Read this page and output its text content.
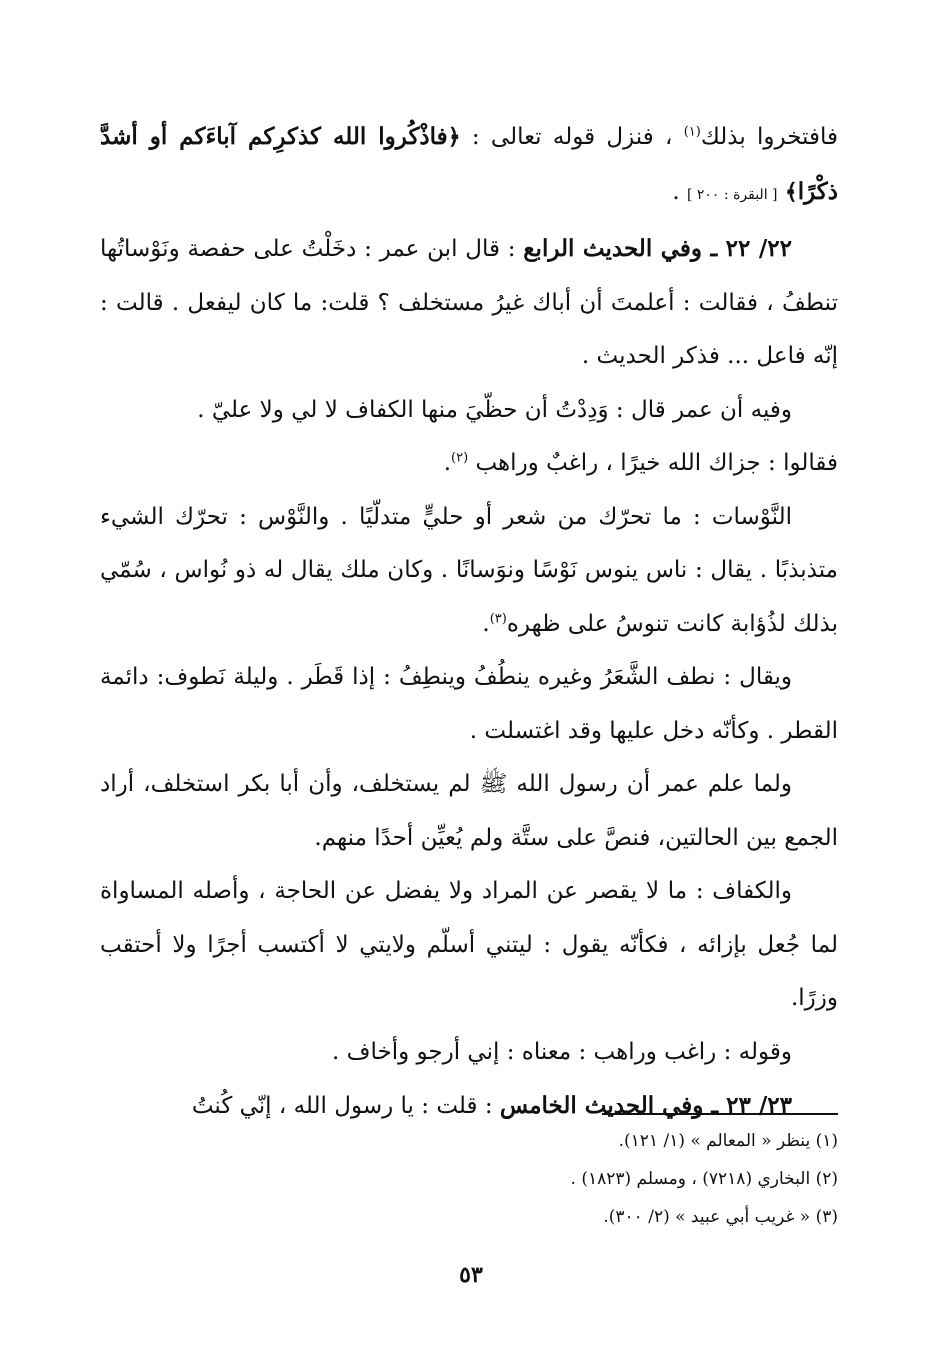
فافتخروا بذلك$^{(١)}$ ، فنزل قوله تعالى : ﴿فاذْكُروا الله كذكرِكم آباءَكم أو أشدَّ ذكْرًا﴾ [ البقرة : ٢٠٠ ] .

٢٢/ ٢٢ ـ وفي الحديث الرابع : قال ابن عمر : دخَلْتُ على حفصة ونَوْساتُها تنطفُ ، فقالت : أعلمتَ أن أباك غيرُ مستخلف ؟ قلت: ما كان ليفعل . قالت : إنّه فاعل ... فذكر الحديث .

وفيه أن عمر قال : وَدِدْتُ أن حظّيَ منها الكفاف لا لي ولا عليّ .

فقالوا : جزاك الله خيرًا ، راغبٌ وراهب $^{(٢)}$.

النَّوْسات : ما تحرّك من شعر أو حليٍّ متدلّيًا . والنَّوْس : تحرّك الشيء متذبذبًا . يقال : ناس ينوس نَوْسًا ونوَسانًا . وكان ملك يقال له ذو نُواس ، سُمّي بذلك لذُؤابة كانت تنوسُ على ظهره$^{(٣)}$.

ويقال : نطف الشَّعَرُ وغيره ينطُفُ وينطِفُ : إذا قَطَر . وليلة نَطوف: دائمة القطر . وكأنّه دخل عليها وقد اغتسلت .

ولما علم عمر أن رسول الله ﷺ لم يستخلف، وأن أبا بكر استخلف، أراد الجمع بين الحالتين، فنصَّ على ستَّة ولم يُعيِّن أحدًا منهم.

والكفاف : ما لا يقصر عن المراد ولا يفضل عن الحاجة ، وأصله المساواة لما جُعل بإزائه ، فكأنّه يقول : ليتني أسلّم ولايتي لا أكتسب أجرًا ولا أحتقب وزرًا.

وقوله : راغب وراهب : معناه : إني أرجو وأخاف .

٢٣/ ٢٣ ـ وفي الحديث الخامس : قلت : يا رسول الله ، إنّي كُنتُ

(١) ينظر « المعالم » (١/ ١٢١).

(٢) البخاري (٧٢١٨) ، ومسلم (١٨٢٣) .

(٣) « غريب أبي عبيد » (٢/ ٣٠٠).

٥٣
